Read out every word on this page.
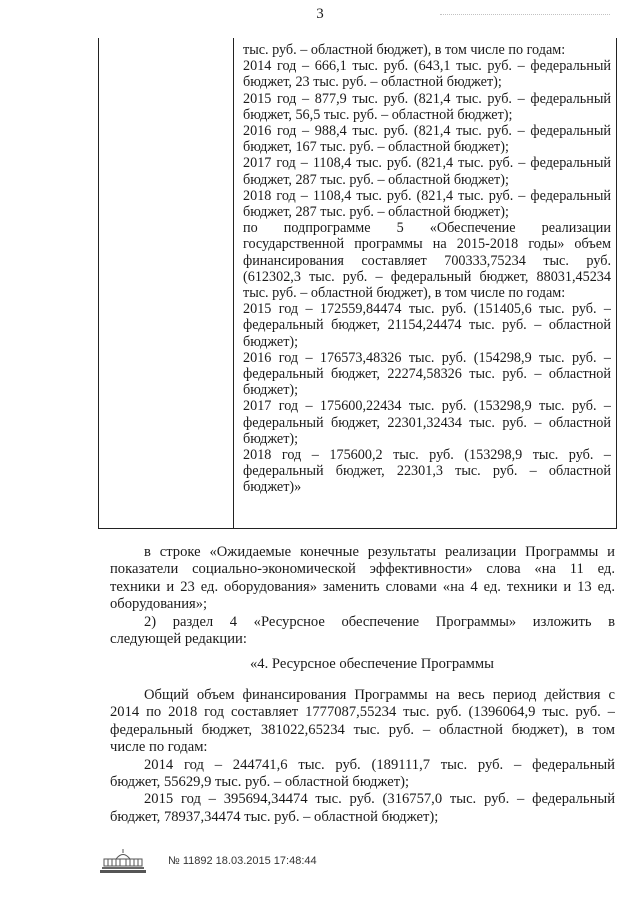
3
тыс. руб. – областной бюджет), в том числе по годам:
2014 год – 666,1 тыс. руб. (643,1 тыс. руб. – федеральный
бюджет, 23 тыс. руб. – областной бюджет);
2015 год – 877,9 тыс. руб. (821,4 тыс. руб. – федеральный
бюджет, 56,5 тыс. руб. – областной бюджет);
2016 год – 988,4 тыс. руб. (821,4 тыс. руб. – федеральный
бюджет, 167 тыс. руб. – областной бюджет);
2017 год – 1108,4 тыс. руб. (821,4 тыс. руб. – федеральный
бюджет, 287 тыс. руб. – областной бюджет);
2018 год – 1108,4 тыс. руб. (821,4 тыс. руб. – федеральный
бюджет, 287 тыс. руб. – областной бюджет);
по подпрограмме 5 «Обеспечение реализации
государственной программы на 2015-2018 годы» объем
финансирования составляет 700333,75234 тыс. руб.
(612302,3 тыс. руб. – федеральный бюджет, 88031,45234
тыс. руб. – областной бюджет), в том числе по годам:
2015 год – 172559,84474 тыс. руб. (151405,6 тыс. руб. –
федеральный бюджет, 21154,24474 тыс. руб. – областной
бюджет);
2016 год – 176573,48326 тыс. руб. (154298,9 тыс. руб. –
федеральный бюджет, 22274,58326 тыс. руб. – областной
бюджет);
2017 год – 175600,22434 тыс. руб. (153298,9 тыс. руб. –
федеральный бюджет, 22301,32434 тыс. руб. – областной
бюджет);
2018 год – 175600,2 тыс. руб. (153298,9 тыс. руб. –
федеральный бюджет, 22301,3 тыс. руб. – областной
бюджет)»
в строке «Ожидаемые конечные результаты реализации Программы и
показатели социально-экономической эффективности» слова «на 11 ед.
техники и 23 ед. оборудования» заменить словами «на 4 ед. техники и 13 ед.
оборудования»;
2) раздел 4 «Ресурсное обеспечение Программы» изложить в
следующей редакции:
«4. Ресурсное обеспечение Программы
Общий объем финансирования Программы на весь период действия с
2014 по 2018 год составляет 1777087,55234 тыс. руб. (1396064,9 тыс. руб. –
федеральный бюджет, 381022,65234 тыс. руб. – областной бюджет), в том
числе по годам:
2014 год – 244741,6 тыс. руб. (189111,7 тыс. руб. – федеральный
бюджет, 55629,9 тыс. руб. – областной бюджет);
2015 год – 395694,34474 тыс. руб. (316757,0 тыс. руб. – федеральный
бюджет, 78937,34474 тыс. руб. – областной бюджет);
№ 11892 18.03.2015 17:48:44
